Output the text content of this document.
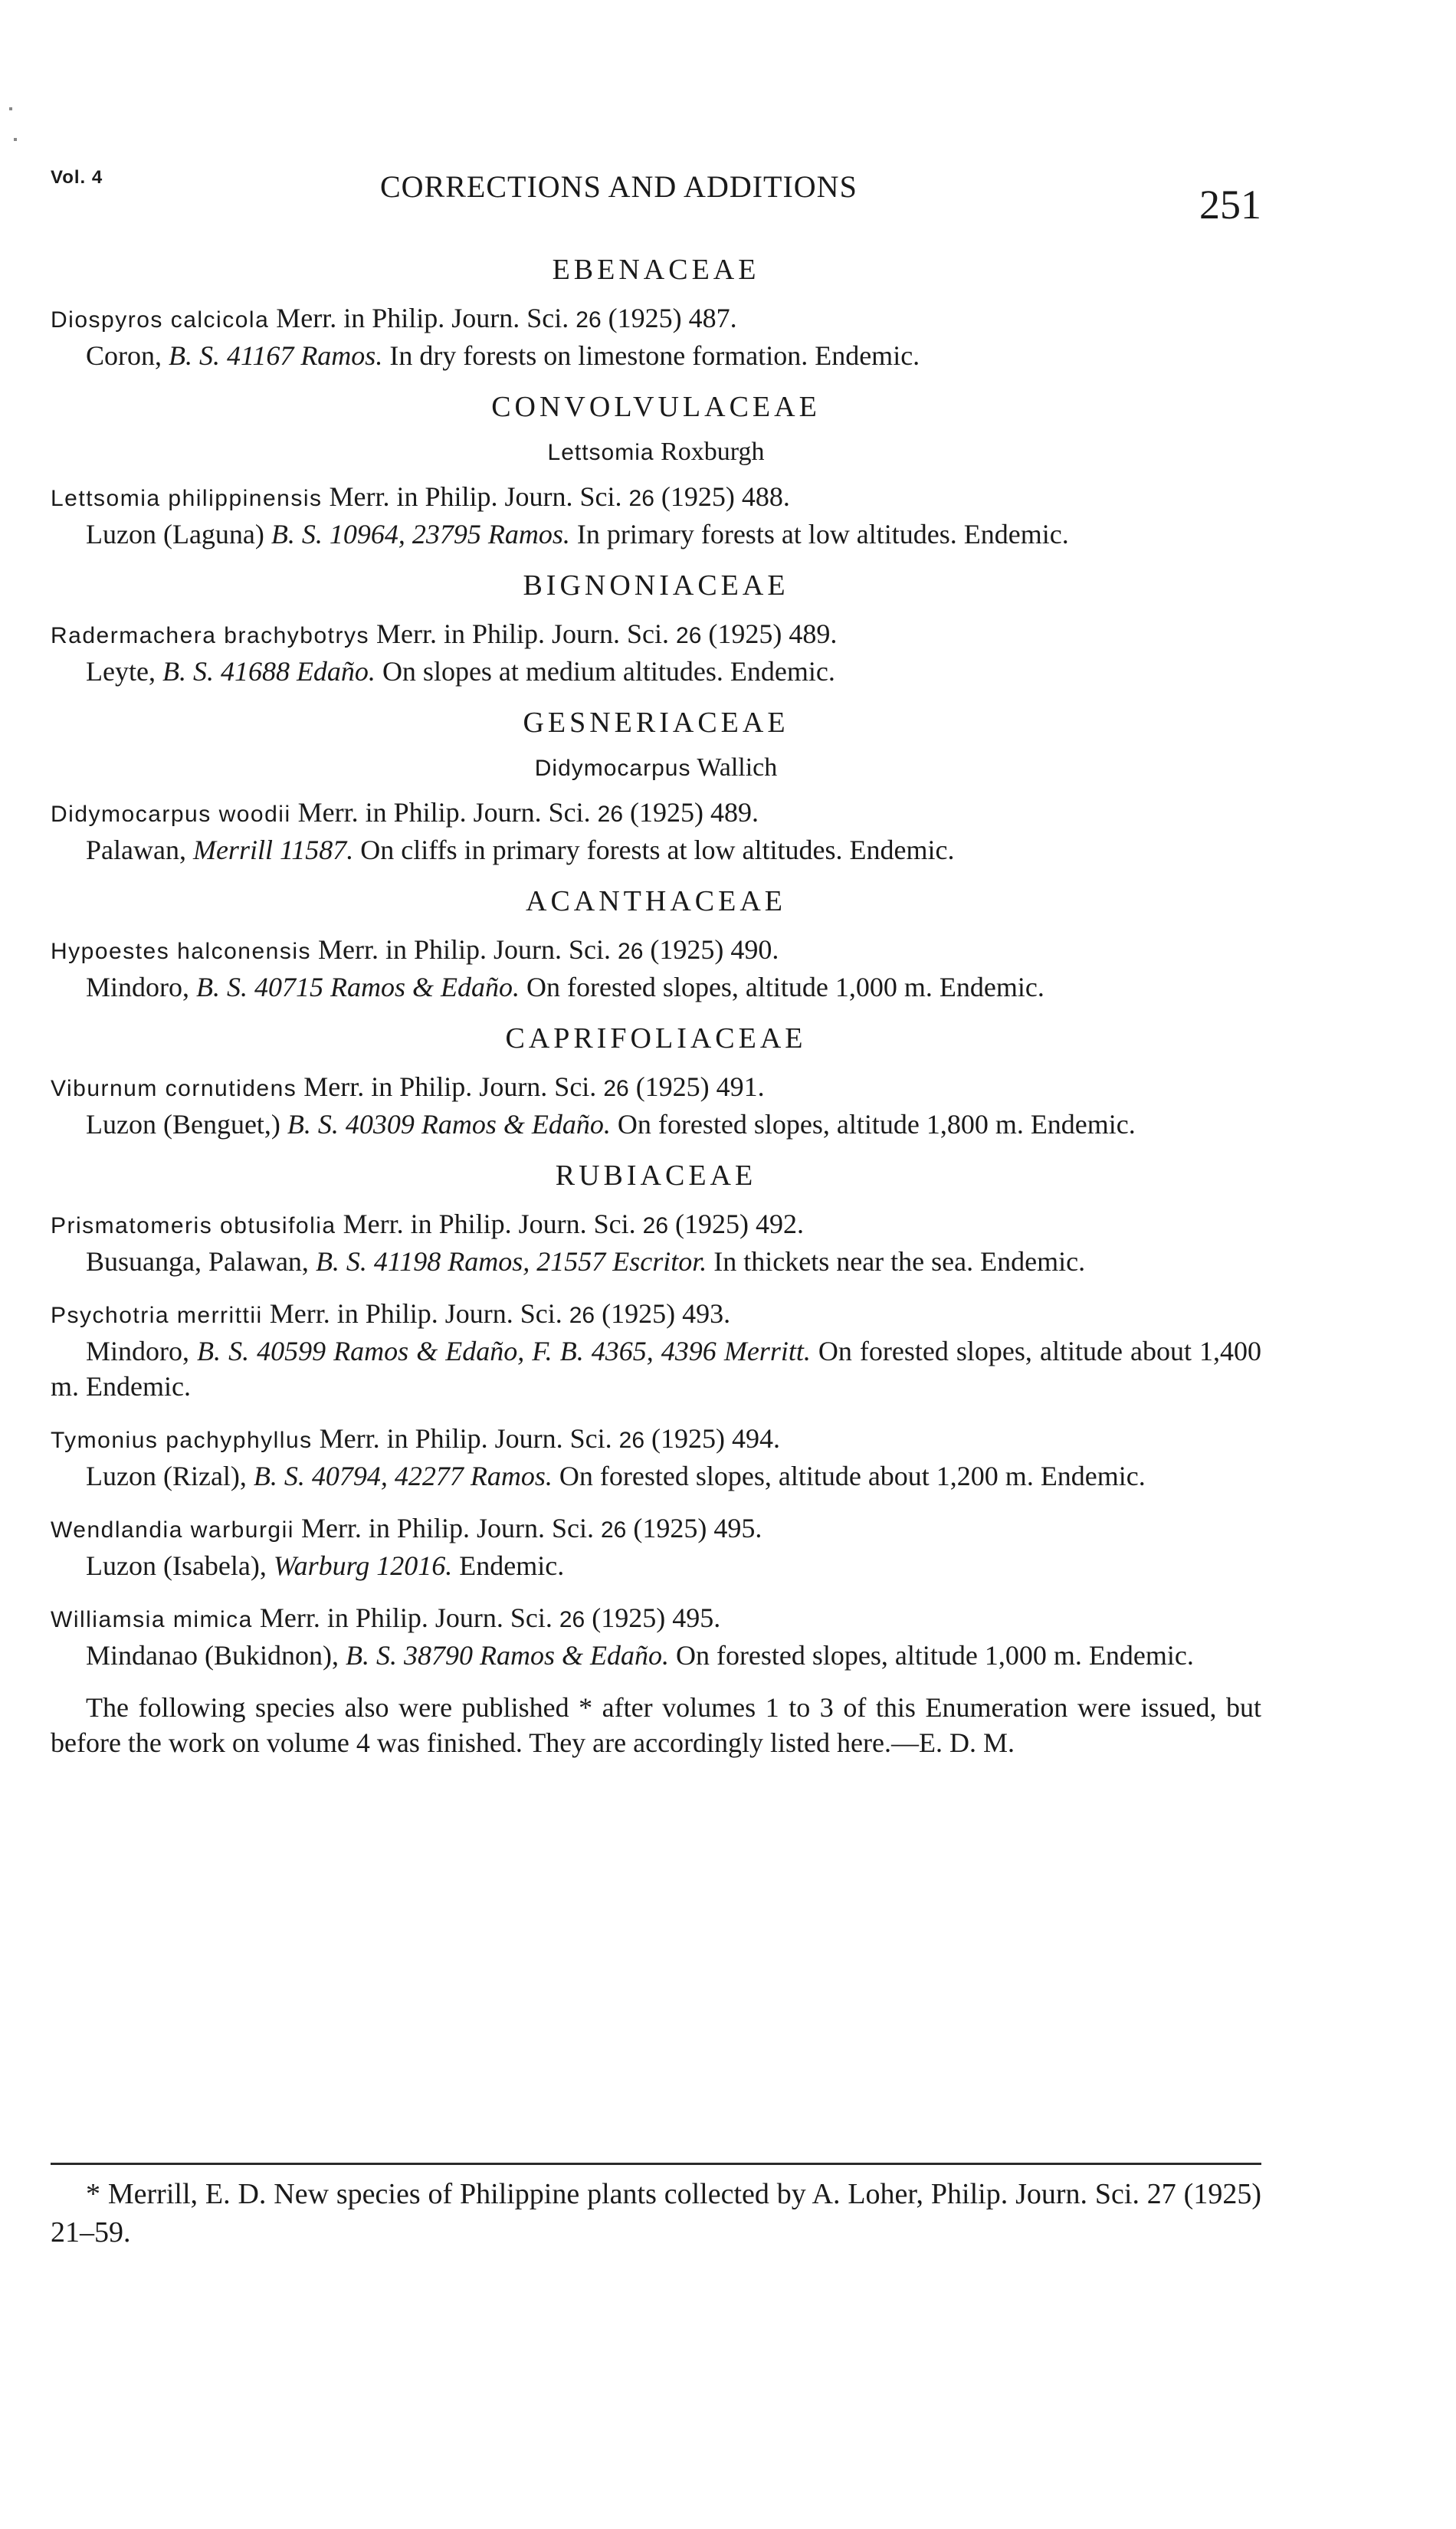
Vol. 4	CORRECTIONS AND ADDITIONS	251
EBENACEAE
Diospyros calcicola Merr. in Philip. Journ. Sci. 26 (1925) 487.
Coron, B. S. 41167 Ramos. In dry forests on limestone formation. Endemic.
CONVOLVULACEAE
Lettsomia Roxburgh
Lettsomia philippinensis Merr. in Philip. Journ. Sci. 26 (1925) 488.
Luzon (Laguna) B. S. 10964, 23795 Ramos. In primary forests at low altitudes. Endemic.
BIGNONIACEAE
Radermachera brachybotrys Merr. in Philip. Journ. Sci. 26 (1925) 489.
Leyte, B. S. 41688 Edaño. On slopes at medium altitudes. Endemic.
GESNERIACEAE
Didymocarpus Wallich
Didymocarpus woodii Merr. in Philip. Journ. Sci. 26 (1925) 489.
Palawan, Merrill 11587. On cliffs in primary forests at low altitudes. Endemic.
ACANTHACEAE
Hypoestes halconensis Merr. in Philip. Journ. Sci. 26 (1925) 490.
Mindoro, B. S. 40715 Ramos & Edaño. On forested slopes, altitude 1,000 m. Endemic.
CAPRIFOLIACEAE
Viburnum cornutidens Merr. in Philip. Journ. Sci. 26 (1925) 491.
Luzon (Benguet,) B. S. 40309 Ramos & Edaño. On forested slopes, altitude 1,800 m. Endemic.
RUBIACEAE
Prismatomeris obtusifolia Merr. in Philip. Journ. Sci. 26 (1925) 492.
Busuanga, Palawan, B. S. 41198 Ramos, 21557 Escritor. In thickets near the sea. Endemic.
Psychotria merrittii Merr. in Philip. Journ. Sci. 26 (1925) 493.
Mindoro, B. S. 40599 Ramos & Edaño, F. B. 4365, 4396 Merritt. On forested slopes, altitude about 1,400 m. Endemic.
Tymonius pachyphyllus Merr. in Philip. Journ. Sci. 26 (1925) 494.
Luzon (Rizal), B. S. 40794, 42277 Ramos. On forested slopes, altitude about 1,200 m. Endemic.
Wendlandia warburgii Merr. in Philip. Journ. Sci. 26 (1925) 495.
Luzon (Isabela), Warburg 12016. Endemic.
Williamsia mimica Merr. in Philip. Journ. Sci. 26 (1925) 495.
Mindanao (Bukidnon), B. S. 38790 Ramos & Edaño. On forested slopes, altitude 1,000 m. Endemic.
The following species also were published * after volumes 1 to 3 of this Enumeration were issued, but before the work on volume 4 was finished. They are accordingly listed here.—E. D. M.
* Merrill, E. D. New species of Philippine plants collected by A. Loher, Philip. Journ. Sci. 27 (1925) 21–59.
